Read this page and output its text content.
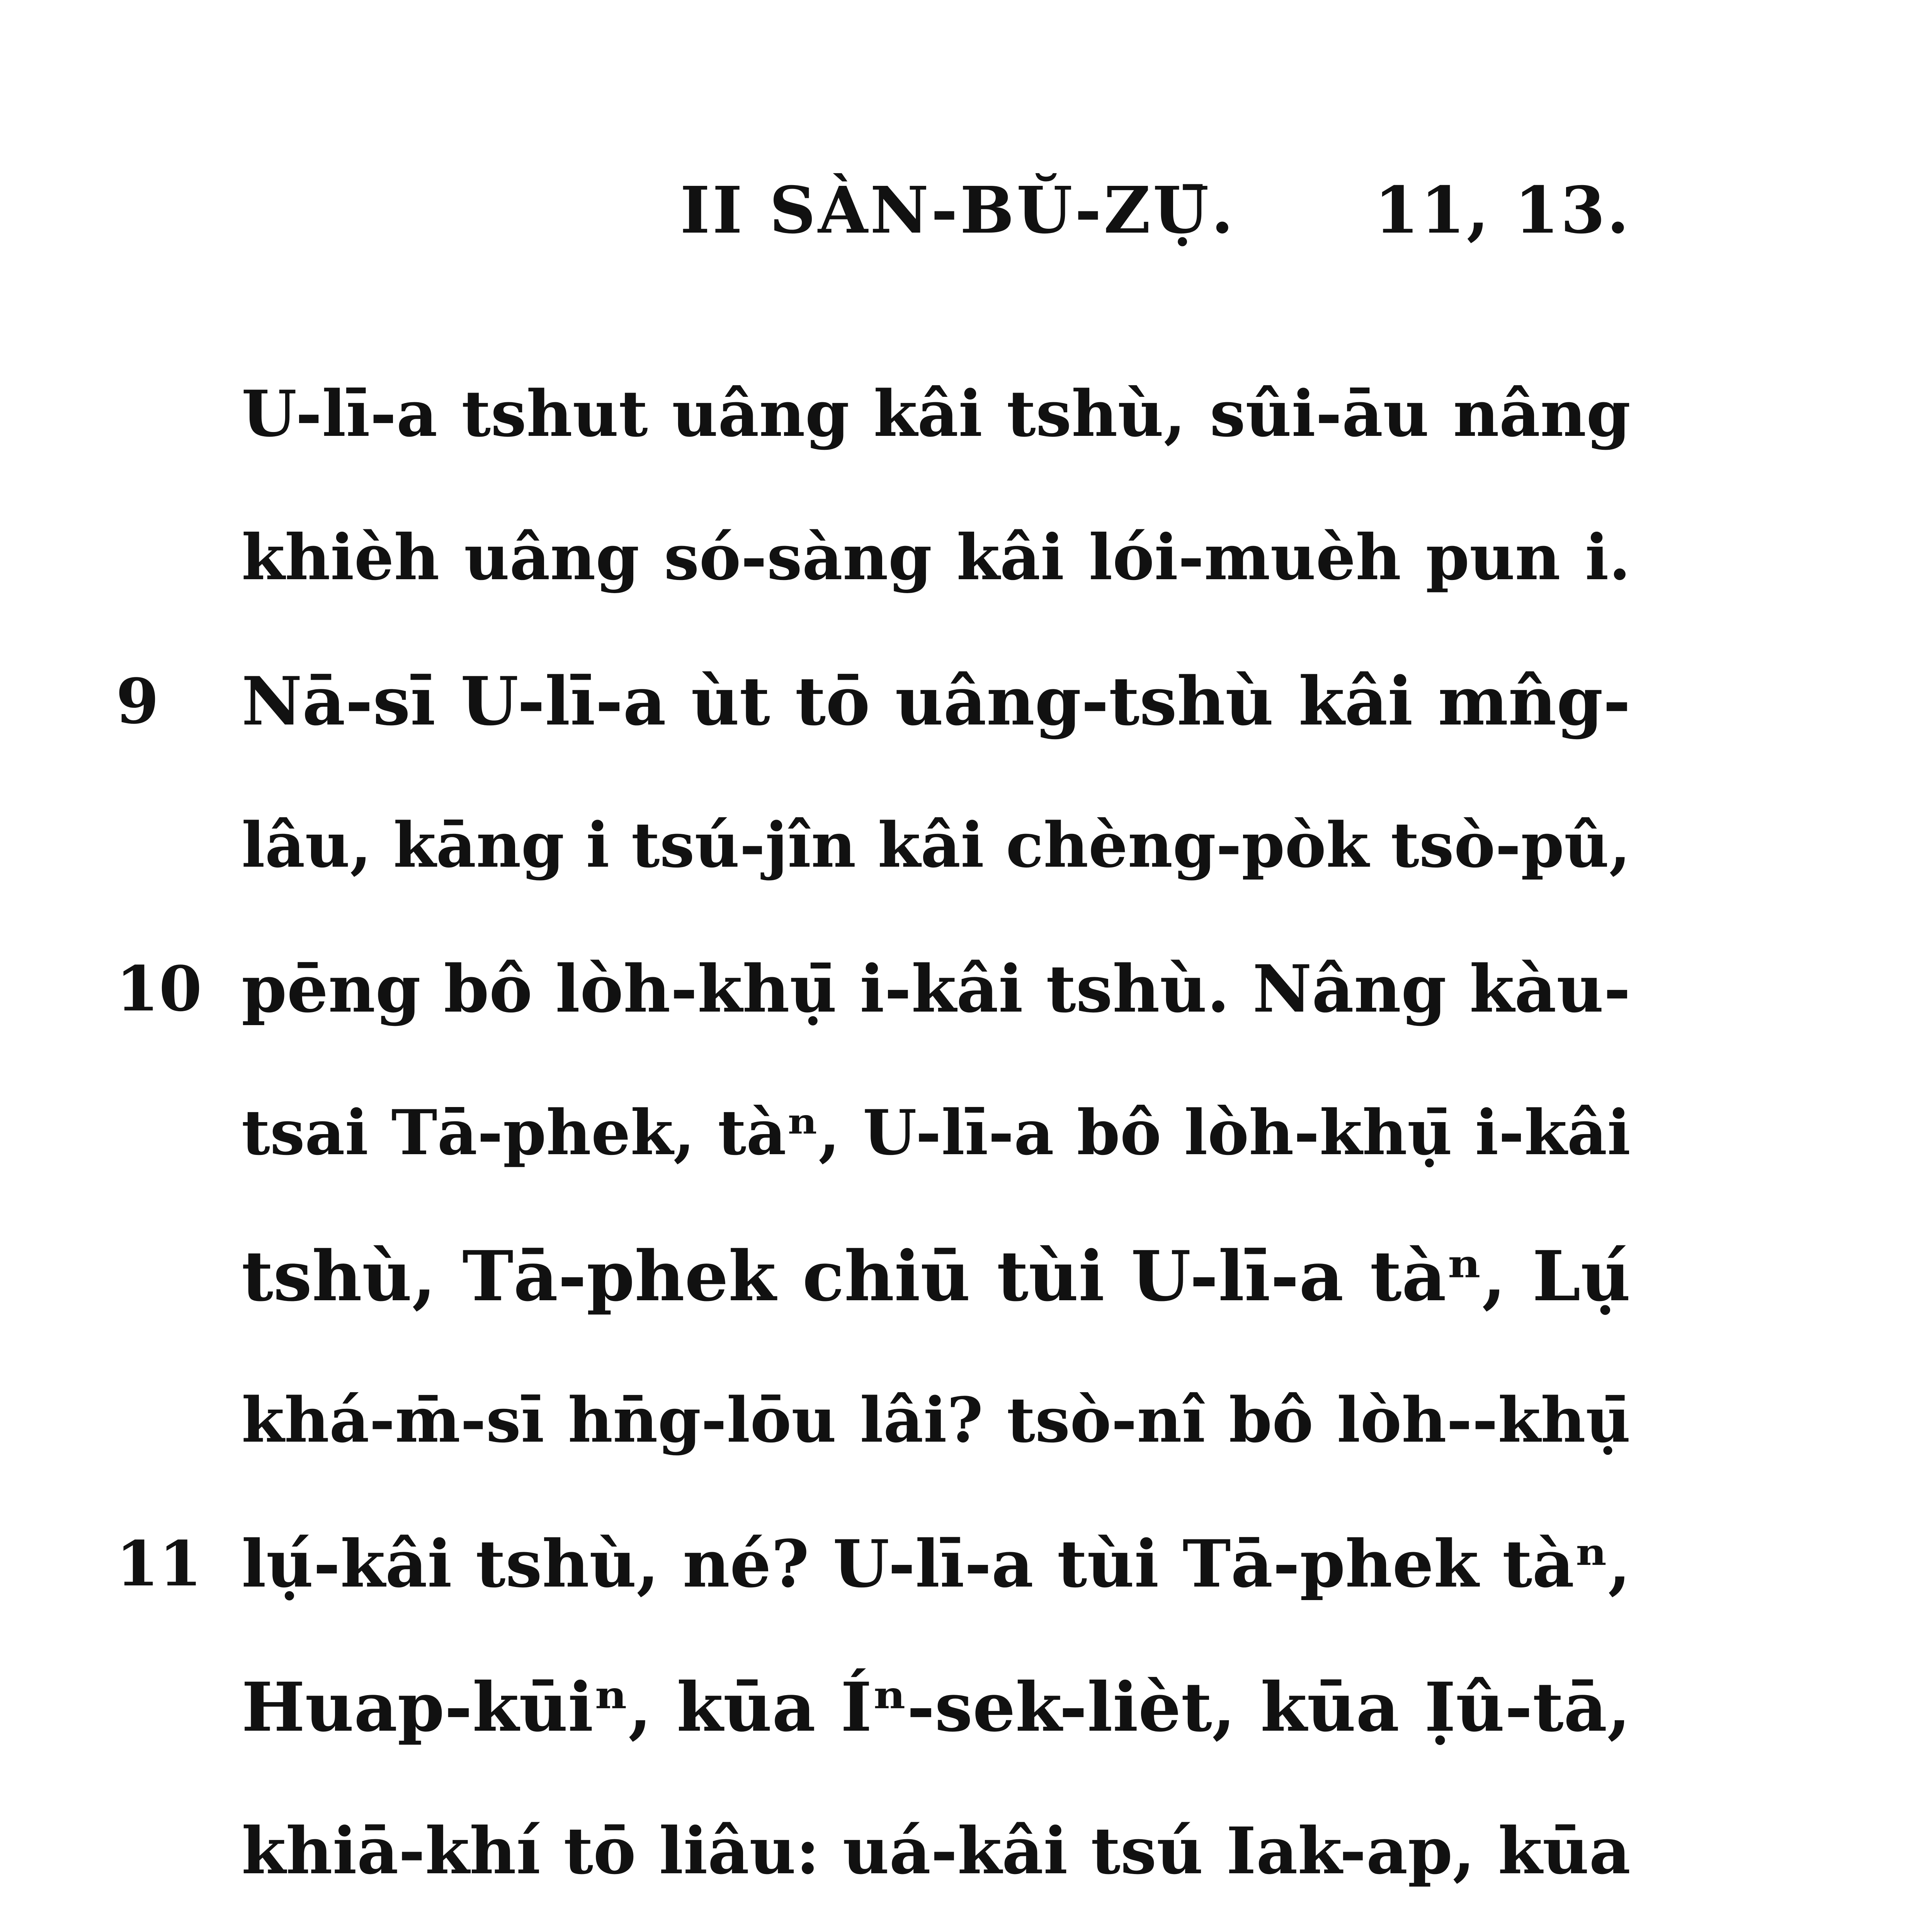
II SÀN-BŬ-ZỤ̄. 11, 13.
U-lī-a tshut uâng kâi tshù, sûi-āu nâng
khièh uâng só-sàng kâi lói-muèh pun i.
9	Nā-sī U-lī-a ùt tō uâng-tshù kâi mn̂g-
lâu, kāng i tsú-jîn kâi chèng-pòk tsò-pû,
10 pēng bô lòh-khụ̄ i-kâi tshù. Nâng kàu-
tsai Tā-phek, tàⁿ, U-lī-a bô lòh-khụ̄ i-kâi
tshù, Tā-phek chiū tùi U-lī-a tàⁿ, Lụ́
khá-m̄-sī hn̄g-lōu lâi? tsò-nî bô lòh--khụ̄
11 lụ́-kâi tshù, né? U-lī-a tùi Tā-phek tàⁿ,
Huap-kūiⁿ, kūa Íⁿ-sek-lièt, kūa Ịû-tā,
khiā-khí tō liâu: uá-kâi tsú Iak-ap, kūa
